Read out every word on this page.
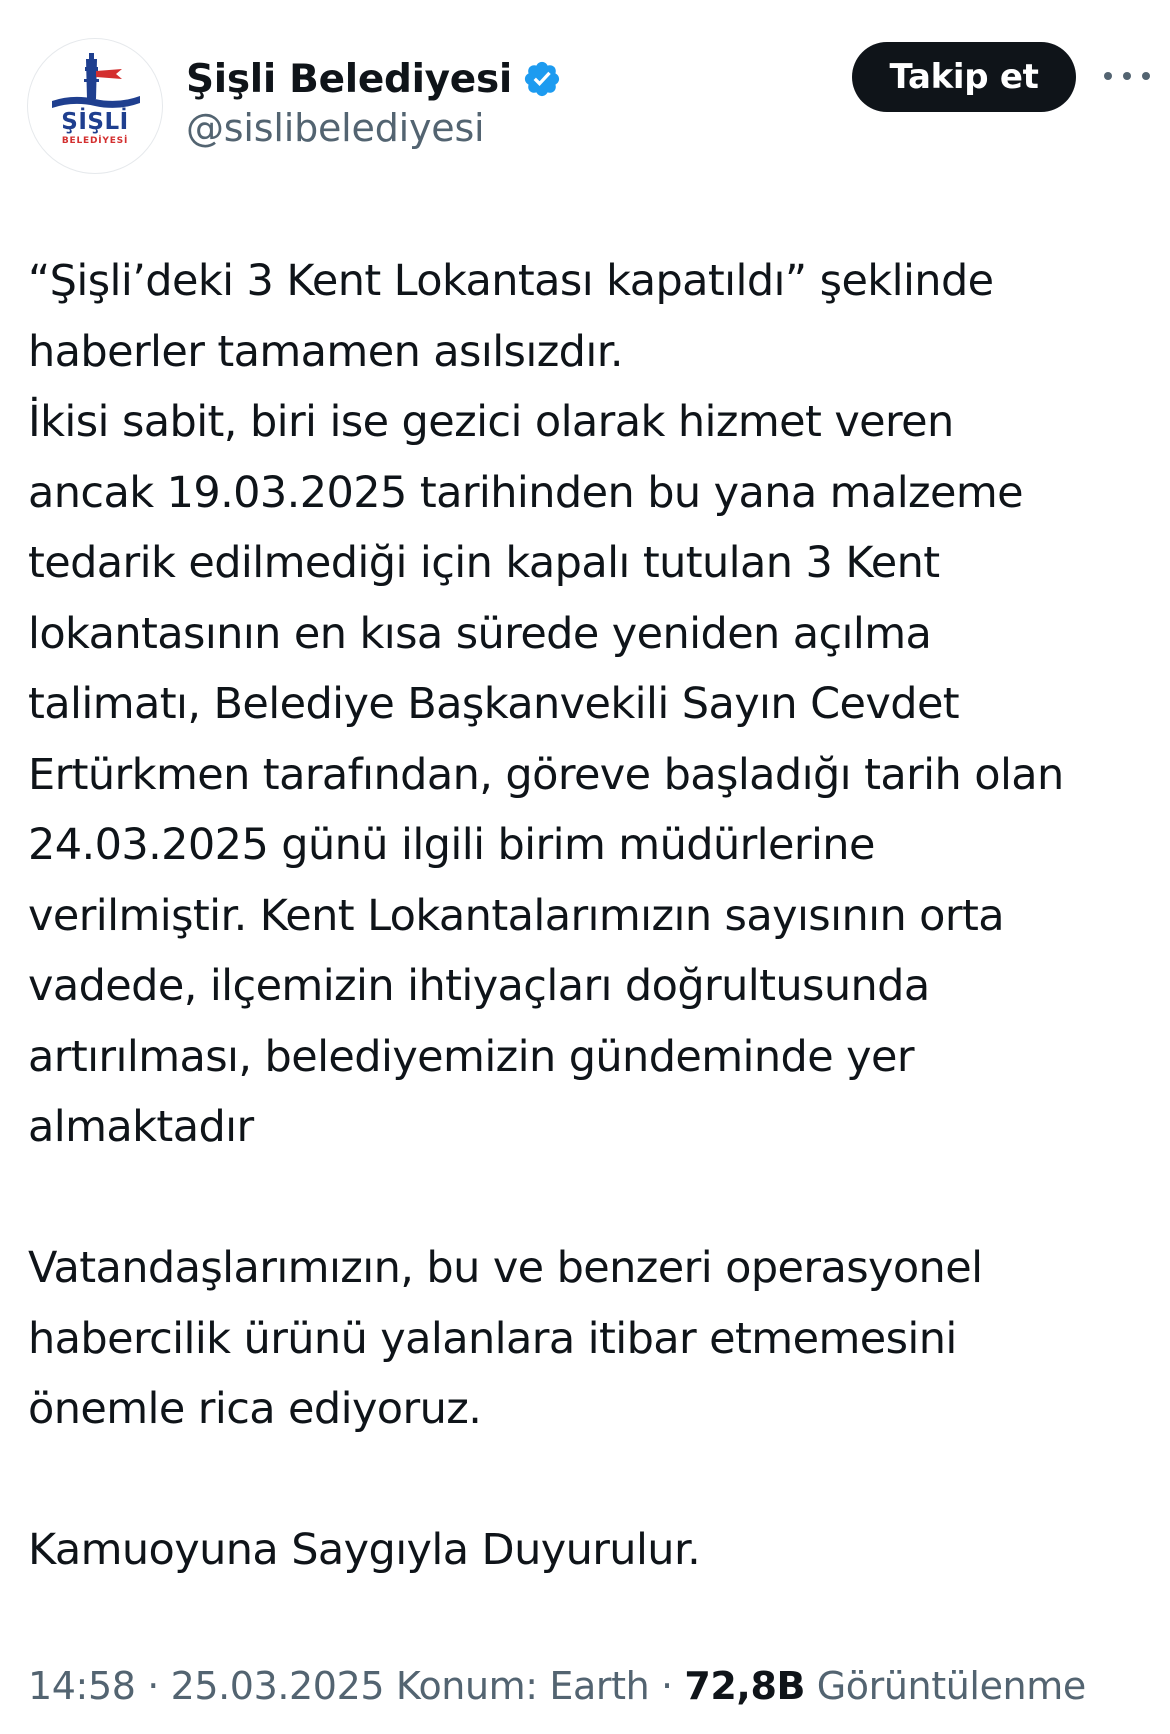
ŞİŞLİ
BELEDİYESİ
Şişli Belediyesi
@sislibelediyesi
Takip et
“Şişli’deki 3 Kent Lokantası kapatıldı” şeklinde
haberler tamamen asılsızdır.
İkisi sabit, biri ise gezici olarak hizmet veren
ancak 19.03.2025 tarihinden bu yana malzeme
tedarik edilmediği için kapalı tutulan 3 Kent
lokantasının en kısa sürede yeniden açılma
talimatı, Belediye Başkanvekili Sayın Cevdet
Ertürkmen tarafından, göreve başladığı tarih olan
24.03.2025 günü ilgili birim müdürlerine
verilmiştir. Kent Lokantalarımızın sayısının orta
vadede, ilçemizin ihtiyaçları doğrultusunda
artırılması, belediyemizin gündeminde yer
almaktadır
Vatandaşlarımızın, bu ve benzeri operasyonel
habercilik ürünü yalanlara itibar etmemesini
önemle rica ediyoruz.
Kamuoyuna Saygıyla Duyurulur.
14:58 · 25.03.2025 Konum: Earth · 72,8B Görüntülenme
